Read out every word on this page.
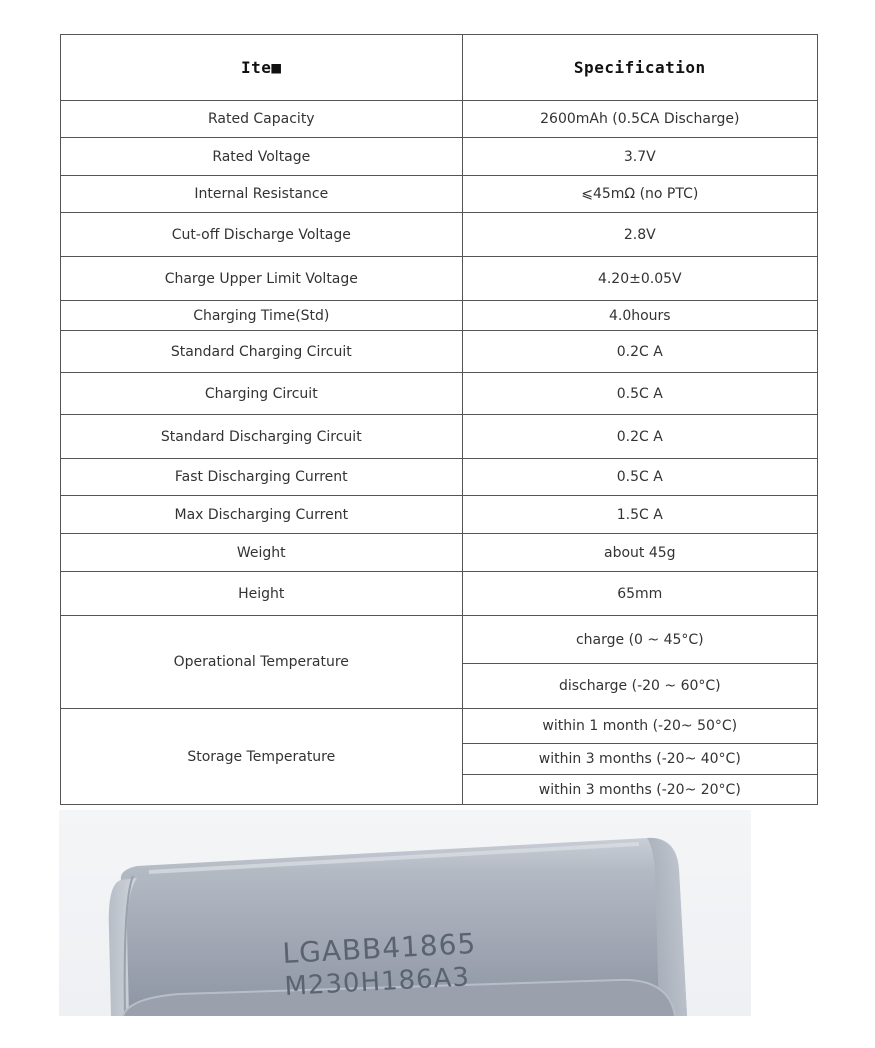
Ite■	Specification
Rated Capacity	2600mAh (0.5CA Discharge)
Rated Voltage	3.7V
Internal Resistance	⩽45mΩ (no PTC)
Cut-off Discharge Voltage	2.8V
Charge Upper Limit Voltage	4.20±0.05V
Charging Time(Std)	4.0hours
Standard Charging Circuit	0.2C A
Charging Circuit	0.5C A
Standard Discharging Circuit	0.2C A
Fast Discharging Current	0.5C A
Max Discharging Current	1.5C A
Weight	about 45g
Height	65mm
Operational Temperature	charge (0 ~ 45°C)
	discharge (-20 ~ 60°C)
Storage Temperature	within 1 month (-20~ 50°C)
	within 3 months (-20~ 40°C)
	within 3 months (-20~ 20°C)
LGABB41865
M230H186A3
